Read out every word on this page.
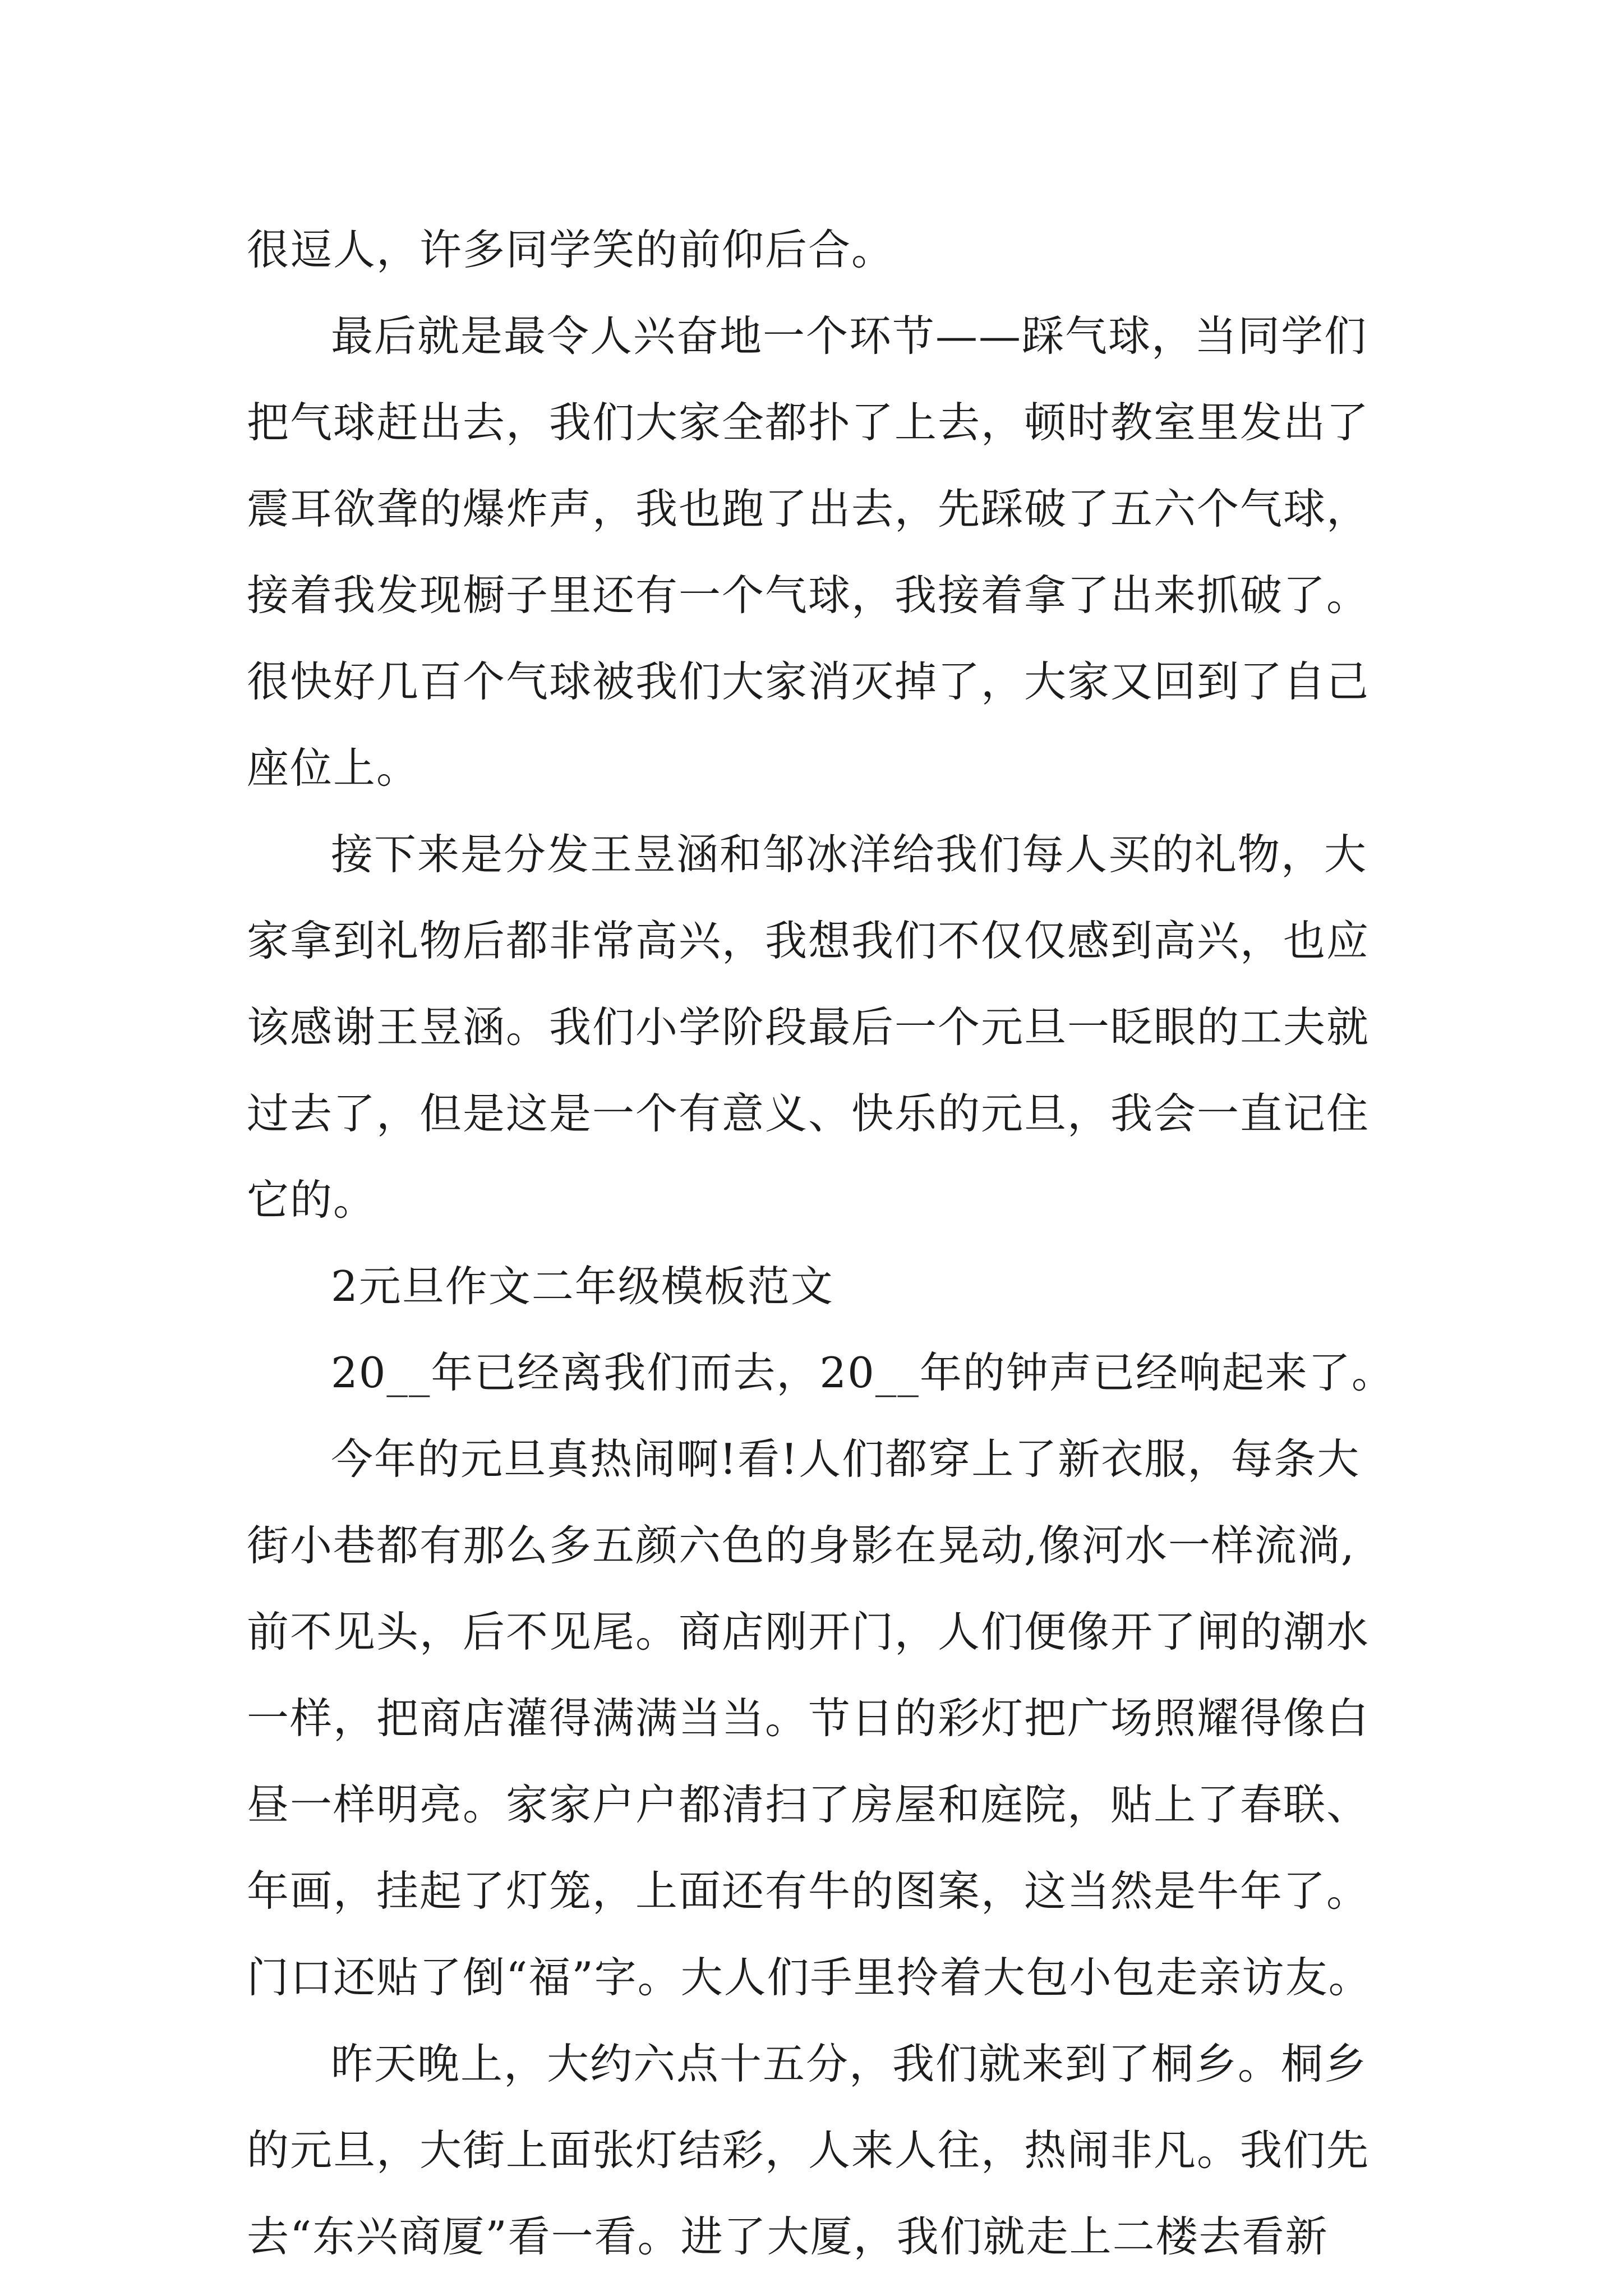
很逗人，许多同学笑的前仰后合。
最后就是最令人兴奋地一个环节——踩气球，当同学们
把气球赶出去，我们大家全都扑了上去，顿时教室里发出了
震耳欲聋的爆炸声，我也跑了出去，先踩破了五六个气球，
接着我发现橱子里还有一个气球，我接着拿了出来抓破了。
很快好几百个气球被我们大家消灭掉了，大家又回到了自己
座位上。
接下来是分发王昱涵和邹冰洋给我们每人买的礼物，大
家拿到礼物后都非常高兴，我想我们不仅仅感到高兴，也应
该感谢王昱涵。我们小学阶段最后一个元旦一眨眼的工夫就
过去了，但是这是一个有意义、快乐的元旦，我会一直记住
它的。
2元旦作文二年级模板范文
20__年已经离我们而去，20__年的钟声已经响起来了。
今年的元旦真热闹啊!看!人们都穿上了新衣服，每条大
街小巷都有那么多五颜六色的身影在晃动,像河水一样流淌,
前不见头，后不见尾。商店刚开门，人们便像开了闸的潮水
一样，把商店灌得满满当当。节日的彩灯把广场照耀得像白
昼一样明亮。家家户户都清扫了房屋和庭院，贴上了春联、
年画，挂起了灯笼，上面还有牛的图案，这当然是牛年了。
门口还贴了倒“福”字。大人们手里拎着大包小包走亲访友。
昨天晚上，大约六点十五分，我们就来到了桐乡。桐乡
的元旦，大街上面张灯结彩，人来人往，热闹非凡。我们先
去“东兴商厦”看一看。进了大厦，我们就走上二楼去看新
